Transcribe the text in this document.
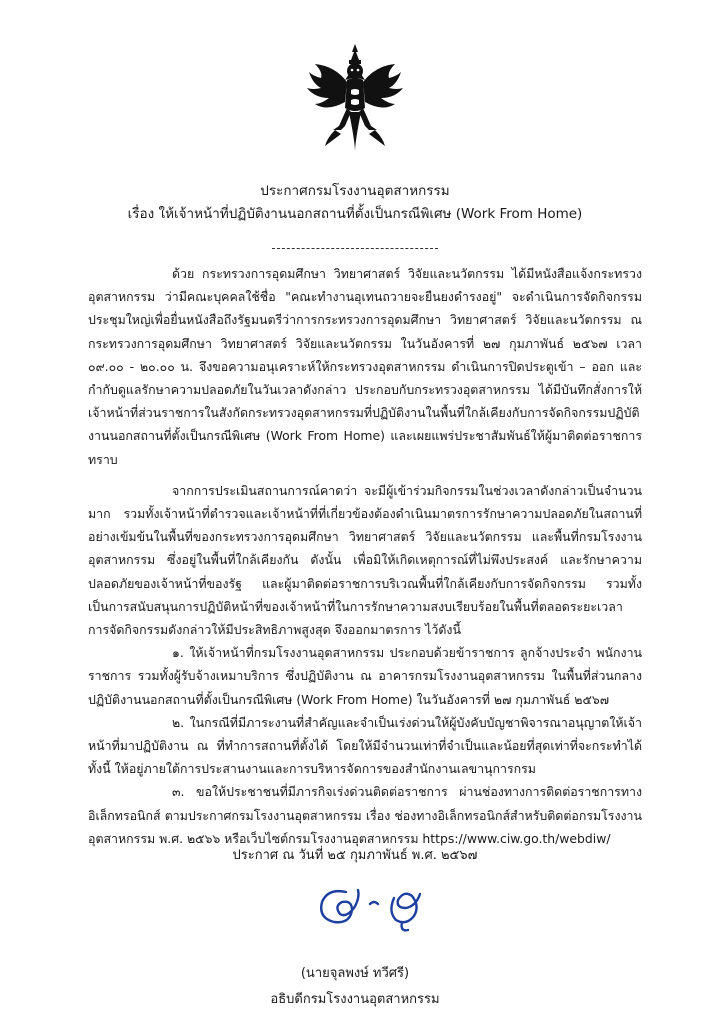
ประกาศกรมโรงงานอุตสาหกรรม
เรื่อง ให้เจ้าหน้าที่ปฏิบัติงานนอกสถานที่ตั้งเป็นกรณีพิเศษ (Work From Home)

ด้วย กระทรวงการอุดมศึกษา วิทยาศาสตร์ วิจัยและนวัตกรรม ได้มีหนังสือแจ้งกระทรวงอุตสาหกรรม ว่ามีคณะบุคคลใช้ชื่อ "คณะทำงานอุเทนถวายจะยืนยงดำรงอยู่" จะดำเนินการจัดกิจกรรมประชุมใหญ่เพื่อยื่นหนังสือถึงรัฐมนตรีว่าการกระทรวงการอุดมศึกษา วิทยาศาสตร์ วิจัยและนวัตกรรม ณ กระทรวงการอุดมศึกษา วิทยาศาสตร์ วิจัยและนวัตกรรม ในวันอังคารที่ ๒๗ กุมภาพันธ์ ๒๕๖๗ เวลา ๐๙.๐๐ - ๒๐.๐๐ น. จึงขอความอนุเคราะห์ให้กระทรวงอุตสาหกรรม ดำเนินการปิดประตูเข้า – ออก และกำกับดูแลรักษาความปลอดภัยในวันเวลาดังกล่าว ประกอบกับกระทรวงอุตสาหกรรม ได้มีบันทึกสั่งการให้เจ้าหน้าที่ส่วนราชการในสังกัดกระทรวงอุตสาหกรรมที่ปฏิบัติงานในพื้นที่ใกล้เคียงกับการจัดกิจกรรมปฏิบัติงานนอกสถานที่ตั้งเป็นกรณีพิเศษ (Work From Home) และเผยแพร่ประชาสัมพันธ์ให้ผู้มาติดต่อราชการทราบ

จากการประเมินสถานการณ์คาดว่า จะมีผู้เข้าร่วมกิจกรรมในช่วงเวลาดังกล่าวเป็นจำนวนมาก รวมทั้งเจ้าหน้าที่ตำรวจและเจ้าหน้าที่ที่เกี่ยวข้องต้องดำเนินมาตรการรักษาความปลอดภัยในสถานที่อย่างเข้มข้นในพื้นที่ของกระทรวงการอุดมศึกษา วิทยาศาสตร์ วิจัยและนวัตกรรม และพื้นที่กรมโรงงานอุตสาหกรรม ซึ่งอยู่ในพื้นที่ใกล้เคียงกัน ดังนั้น เพื่อมิให้เกิดเหตุการณ์ที่ไม่พึงประสงค์ และรักษาความปลอดภัยของเจ้าหน้าที่ของรัฐ และผู้มาติดต่อราชการบริเวณพื้นที่ใกล้เคียงกับการจัดกิจกรรม รวมทั้งเป็นการสนับสนุนการปฏิบัติหน้าที่ของเจ้าหน้าที่ในการรักษาความสงบเรียบร้อยในพื้นที่ตลอดระยะเวลาการจัดกิจกรรมดังกล่าวให้มีประสิทธิภาพสูงสุด จึงออกมาตรการ ไว้ดังนี้

๑. ให้เจ้าหน้าที่กรมโรงงานอุตสาหกรรม ประกอบด้วยข้าราชการ ลูกจ้างประจำ พนักงานราชการ รวมทั้งผู้รับจ้างเหมาบริการ ซึ่งปฏิบัติงาน ณ อาคารกรมโรงงานอุตสาหกรรม ในพื้นที่ส่วนกลางปฏิบัติงานนอกสถานที่ตั้งเป็นกรณีพิเศษ (Work From Home) ในวันอังคารที่ ๒๗ กุมภาพันธ์ ๒๕๖๗

๒. ในกรณีที่มีภาระงานที่สำคัญและจำเป็นเร่งด่วนให้ผู้บังคับบัญชาพิจารณาอนุญาตให้เจ้าหน้าที่มาปฏิบัติงาน ณ ที่ทำการสถานที่ตั้งได้ โดยให้มีจำนวนเท่าที่จำเป็นและน้อยที่สุดเท่าที่จะกระทำได้ ทั้งนี้ ให้อยู่ภายใต้การประสานงานและการบริหารจัดการของสำนักงานเลขานุการกรม

๓. ขอให้ประชาชนที่มีภารกิจเร่งด่วนติดต่อราชการ ผ่านช่องทางการติดต่อราชการทางอิเล็กทรอนิกส์ ตามประกาศกรมโรงงานอุตสาหกรรม เรื่อง ช่องทางอิเล็กทรอนิกส์สำหรับติดต่อกรมโรงงานอุตสาหกรรม พ.ศ. ๒๕๖๖ หรือเว็บไซต์กรมโรงงานอุตสาหกรรม https://www.ciw.go.th/webdiw/

ประกาศ ณ วันที่ ๒๕ กุมภาพันธ์ พ.ศ. ๒๕๖๗
(นายจุลพงษ์ ทวีศรี)
อธิบดีกรมโรงงานอุตสาหกรรม
